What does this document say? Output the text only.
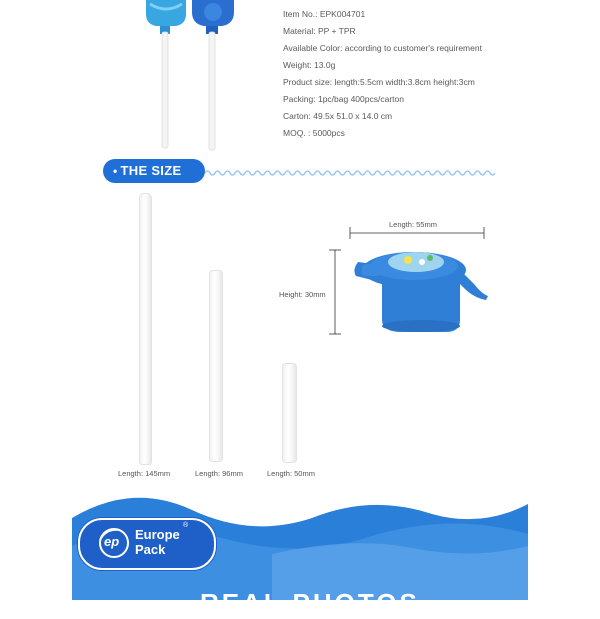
Item No.: EPK004701
Material: PP + TPR
Available Color: according to customer's requirement
Weight: 13.0g
Product size: length:5.5cm width:3.8cm height:3cm
Packing: 1pc/bag 400pcs/carton
Carton: 49.5x 51.0 x 14.0 cm
MOQ. : 5000pcs
• THE SIZE
Length: 145mm	Length: 96mm	Length: 50mm
Length: 55mm
Height: 30mm
ep Europe
Pack
®
REAL PHOTOS
